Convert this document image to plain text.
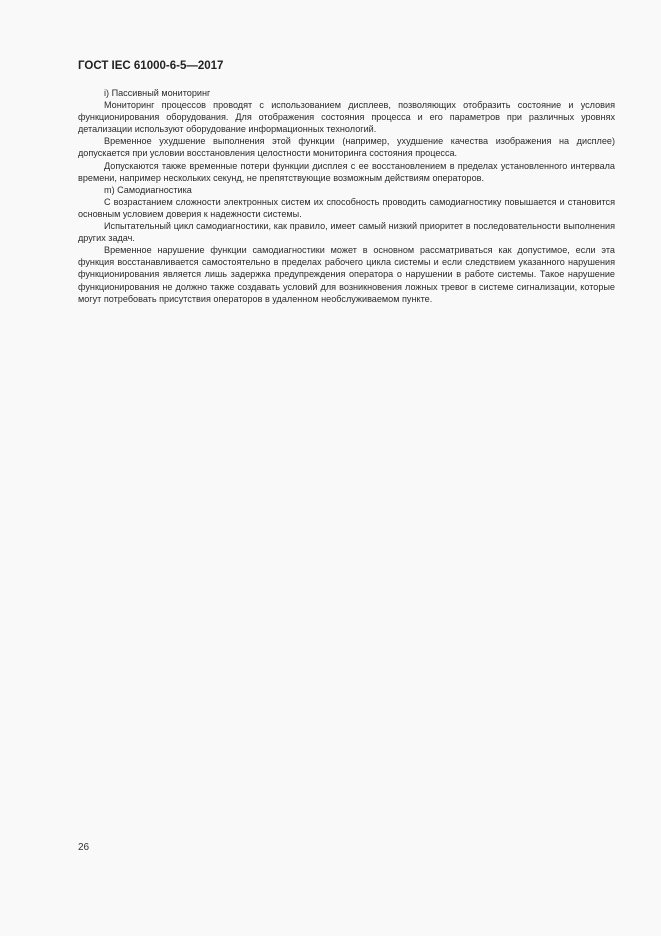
ГОСТ IEC 61000-6-5—2017

i) Пассивный мониторинг

Мониторинг процессов проводят с использованием дисплеев, позволяющих отобразить состояние и условия функционирования оборудования. Для отображения состояния процесса и его параметров при различных уровнях детализации используют оборудование информационных технологий.

Временное ухудшение выполнения этой функции (например, ухудшение качества изображения на дисплее) допускается при условии восстановления целостности мониторинга состояния процесса.

Допускаются также временные потери функции дисплея с ее восстановлением в пределах установленного интервала времени, например нескольких секунд, не препятствующие возможным действиям операторов.

m) Самодиагностика

С возрастанием сложности электронных систем их способность проводить самодиагностику повышается и становится основным условием доверия к надежности системы.

Испытательный цикл самодиагностики, как правило, имеет самый низкий приоритет в последовательности выполнения других задач.

Временное нарушение функции самодиагностики может в основном рассматриваться как допустимое, если эта функция восстанавливается самостоятельно в пределах рабочего цикла системы и если следствием указанного нарушения функционирования является лишь задержка предупреждения оператора о нарушении в работе системы. Такое нарушение функционирования не должно также создавать условий для возникновения ложных тревог в системе сигнализации, которые могут потребовать присутствия операторов в удаленном необслуживаемом пункте.

26
